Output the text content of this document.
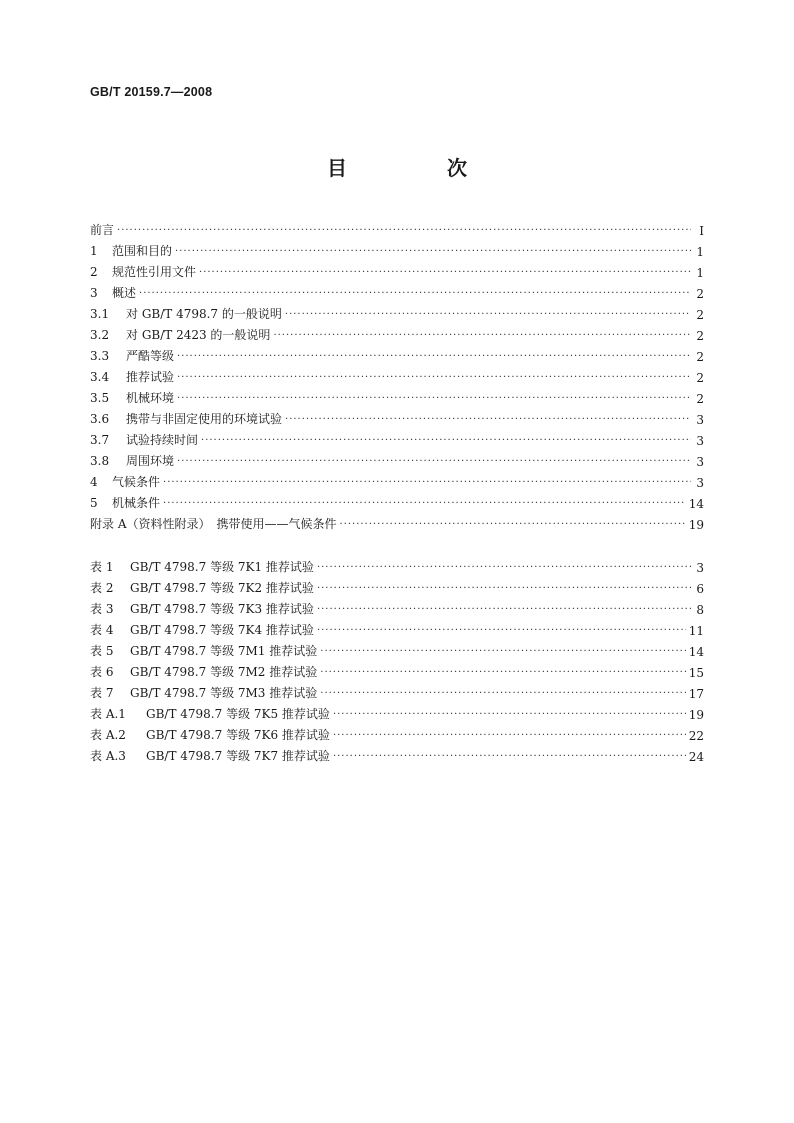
GB/T 20159.7—2008
目　次
前言 ·····	Ⅰ
1 范围和目的 ·····	1
2 规范性引用文件 ·····	1
3 概述 ·····	2
3.1 对 GB/T 4798.7 的一般说明 ·····	2
3.2 对 GB/T 2423 的一般说明 ·····	2
3.3 严酷等级 ·····	2
3.4 推荐试验 ·····	2
3.5 机械环境 ·····	2
3.6 携带与非固定使用的环境试验 ·····	3
3.7 试验持续时间 ·····	3
3.8 周围环境 ·····	3
4 气候条件 ·····	3
5 机械条件 ·····	14
附录 A（资料性附录）　携带使用——气候条件 ·····	19
表 1 GB/T 4798.7 等级 7K1 推荐试验 ·····	3
表 2 GB/T 4798.7 等级 7K2 推荐试验 ·····	6
表 3 GB/T 4798.7 等级 7K3 推荐试验 ·····	8
表 4 GB/T 4798.7 等级 7K4 推荐试验 ·····	11
表 5 GB/T 4798.7 等级 7M1 推荐试验 ·····	14
表 6 GB/T 4798.7 等级 7M2 推荐试验 ·····	15
表 7 GB/T 4798.7 等级 7M3 推荐试验 ·····	17
表 A.1 GB/T 4798.7 等级 7K5 推荐试验 ·····	19
表 A.2 GB/T 4798.7 等级 7K6 推荐试验 ·····	22
表 A.3 GB/T 4798.7 等级 7K7 推荐试验 ·····	24
